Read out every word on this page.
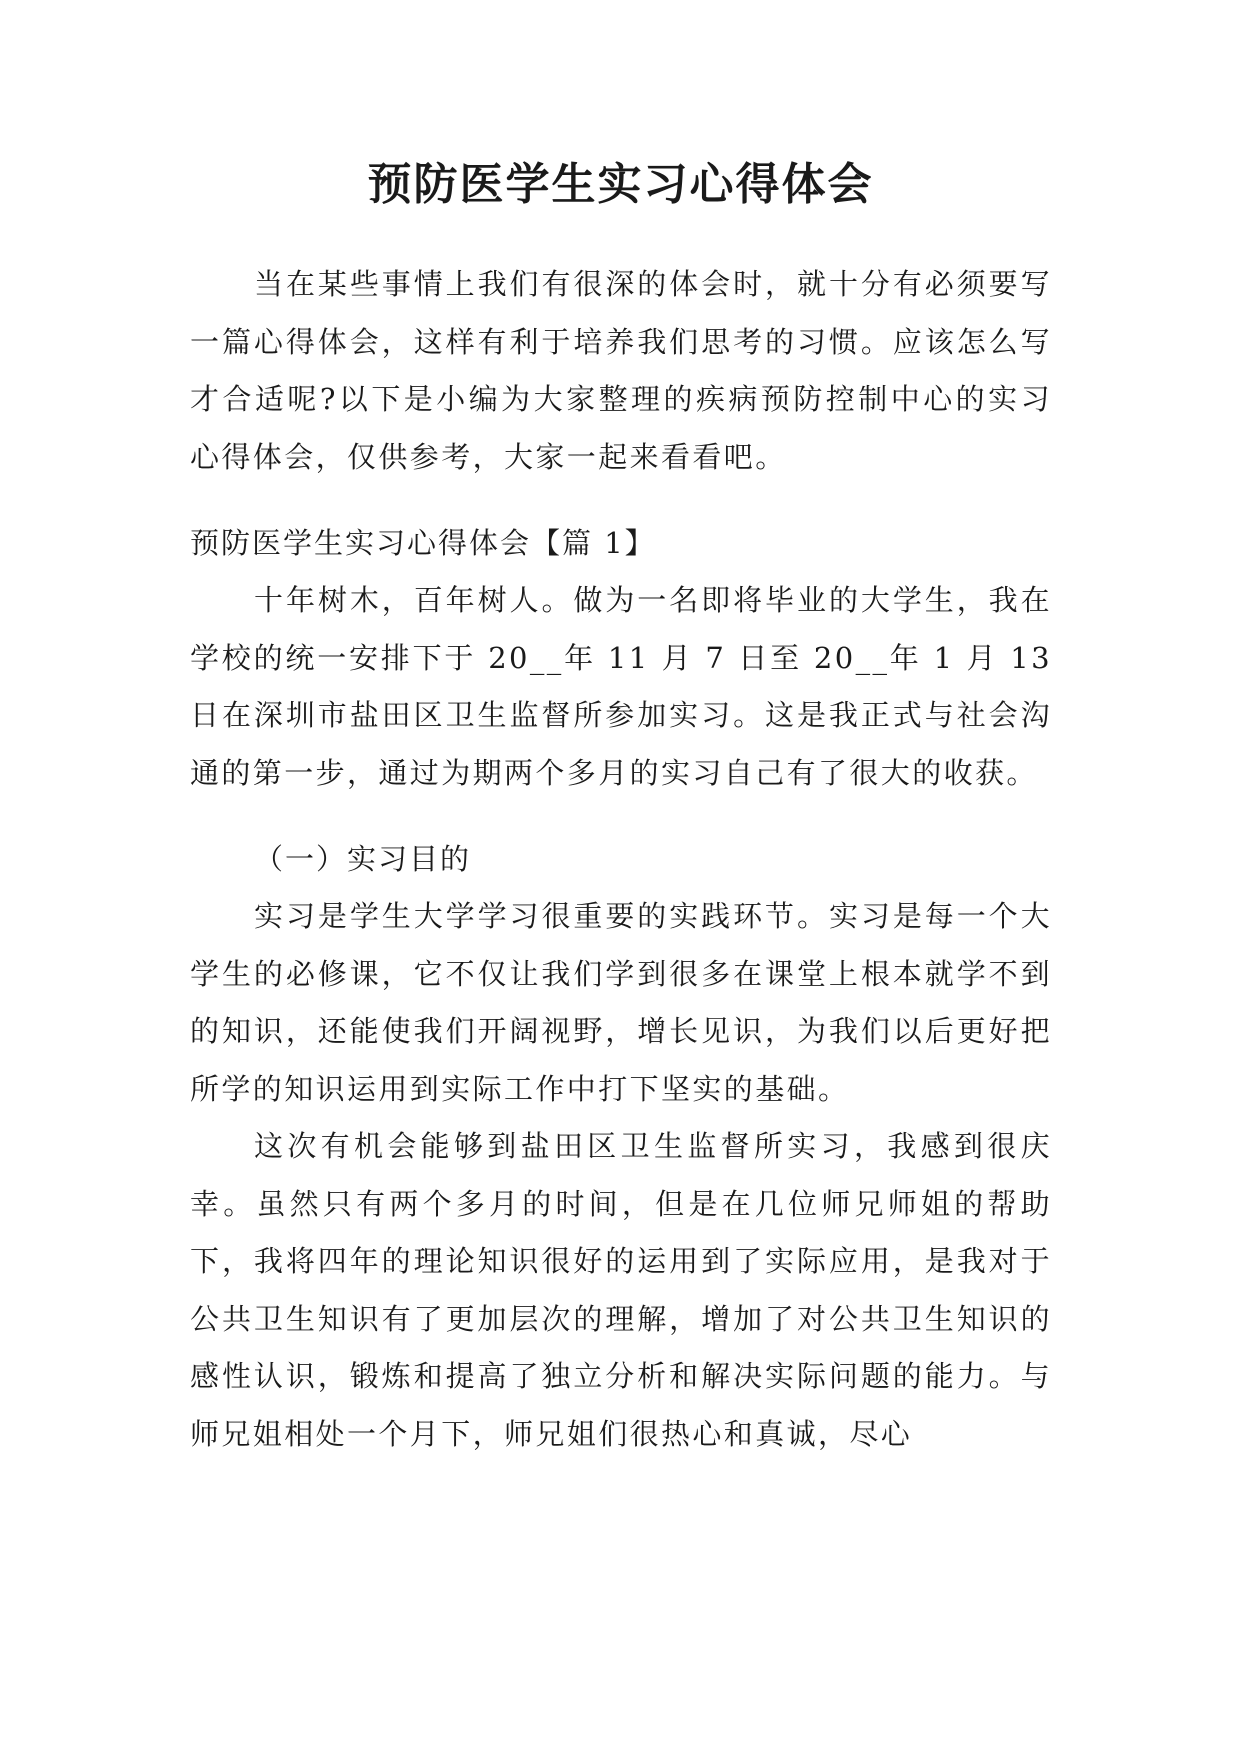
预防医学生实习心得体会

当在某些事情上我们有很深的体会时，就十分有必须要写一篇心得体会，这样有利于培养我们思考的习惯。应该怎么写才合适呢?以下是小编为大家整理的疾病预防控制中心的实习心得体会，仅供参考，大家一起来看看吧。

预防医学生实习心得体会【篇 1】

十年树木，百年树人。做为一名即将毕业的大学生，我在学校的统一安排下于 20__年 11 月 7 日至 20__年 1 月 13 日在深圳市盐田区卫生监督所参加实习。这是我正式与社会沟通的第一步，通过为期两个多月的实习自己有了很大的收获。

（一）实习目的

实习是学生大学学习很重要的实践环节。实习是每一个大学生的必修课，它不仅让我们学到很多在课堂上根本就学不到的知识，还能使我们开阔视野，增长见识，为我们以后更好把所学的知识运用到实际工作中打下坚实的基础。

这次有机会能够到盐田区卫生监督所实习，我感到很庆幸。虽然只有两个多月的时间，但是在几位师兄师姐的帮助下，我将四年的理论知识很好的运用到了实际应用，是我对于公共卫生知识有了更加层次的理解，增加了对公共卫生知识的感性认识，锻炼和提高了独立分析和解决实际问题的能力。与师兄姐相处一个月下，师兄姐们很热心和真诚，尽心
